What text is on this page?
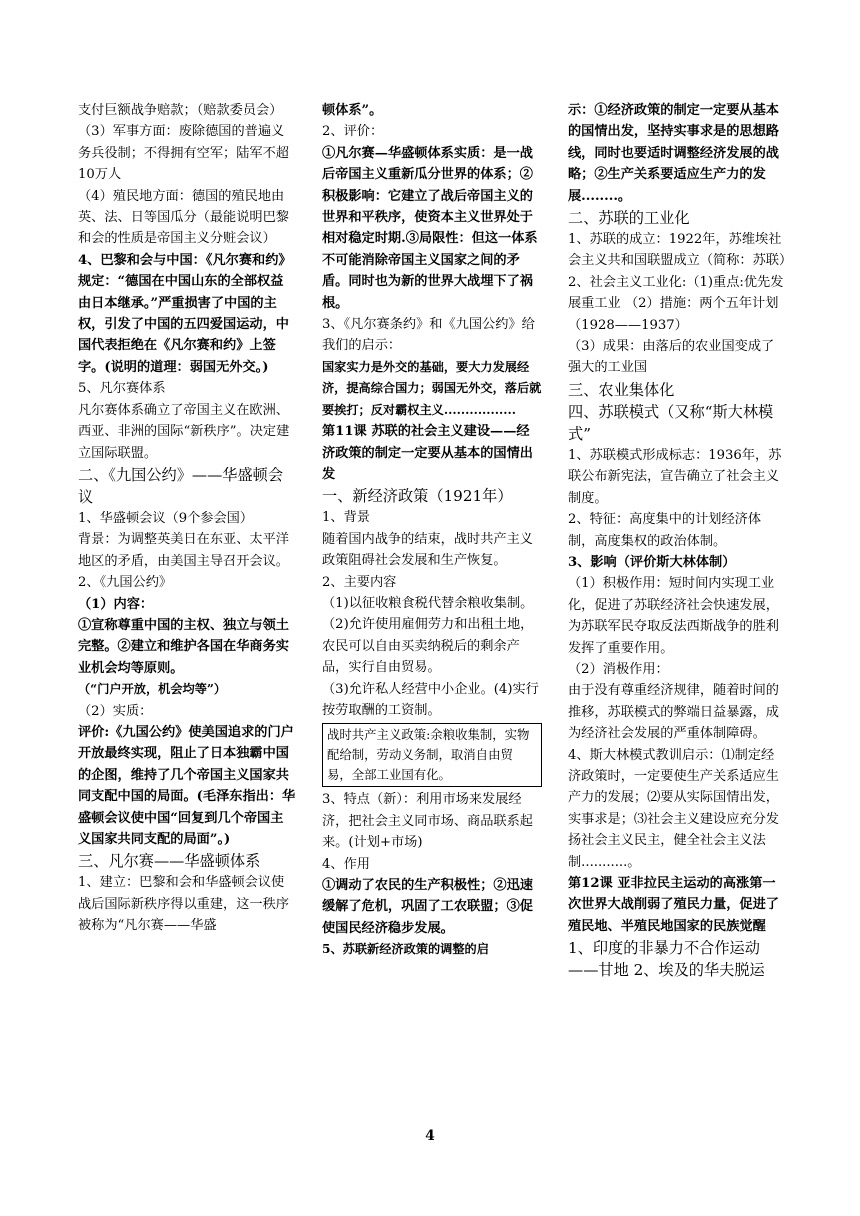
支付巨额战争赔款；（赔款委员会）

（3）军事方面：废除德国的普遍义务兵役制；不得拥有空军；陆军不超10万人

（4）殖民地方面：德国的殖民地由英、法、日等国瓜分（最能说明巴黎和会的性质是帝国主义分赃会议）

4、巴黎和会与中国：《凡尔赛和约》规定：“德国在中国山东的全部权益由日本继承。”严重损害了中国的主权，引发了中国的五四爱国运动，中国代表拒绝在《凡尔赛和约》上签字。(说明的道理：弱国无外交。)

5、凡尔赛体系

凡尔赛体系确立了帝国主义在欧洲、西亚、非洲的国际“新秩序”。决定建立国际联盟。

二、《九国公约》——华盛顿会议

1、华盛顿会议（9个参会国）

背景：为调整英美日在东亚、太平洋地区的矛盾，由美国主导召开会议。

2、《九国公约》

（1）内容：

①宣称尊重中国的主权、独立与领土完整。②建立和维护各国在华商务实业机会均等原则。

（“门户开放，机会均等”）

（2）实质：

评价:《九国公约》使美国追求的门户开放最终实现，阻止了日本独霸中国的企图，维持了几个帝国主义国家共同支配中国的局面。(毛泽东指出：华盛顿会议使中国“回复到几个帝国主义国家共同支配的局面”。)

三、凡尔赛——华盛顿体系

1、建立：巴黎和会和华盛顿会议使战后国际新秩序得以重建，这一秩序被称为“凡尔赛——华盛

顿体系”。

2、评价：

①凡尔赛—华盛顿体系实质：是一战后帝国主义重新瓜分世界的体系；②积极影响：它建立了战后帝国主义的世界和平秩序，使资本主义世界处于相对稳定时期.③局限性：但这一体系不可能消除帝国主义国家之间的矛盾。同时也为新的世界大战埋下了祸根。

3、《凡尔赛条约》和《九国公约》给我们的启示：

国家实力是外交的基础，要大力发展经济，提高综合国力；弱国无外交，落后就要挨打；反对霸权主义.................

第11课 苏联的社会主义建设——经济政策的制定一定要从基本的国情出发

一、新经济政策（1921年）

1、背景

随着国内战争的结束，战时共产主义政策阻碍社会发展和生产恢复。

2、主要内容

（1)以征收粮食税代替余粮收集制。

（2)允许使用雇佣劳力和出租土地，农民可以自由买卖纳税后的剩余产品，实行自由贸易。

（3)允许私人经营中小企业。(4)实行按劳取酬的工资制。

战时共产主义政策:余粮收集制，实物配给制，劳动义务制，取消自由贸易，全部工业国有化。

3、特点（新）：利用市场来发展经济，把社会主义同市场、商品联系起来。(计划+市场)

4、作用

①调动了农民的生产积极性；②迅速缓解了危机，巩固了工农联盟；③促使国民经济稳步发展。

5、苏联新经济政策的调整的启

示：①经济政策的制定一定要从基本的国情出发，坚持实事求是的思想路线，同时也要适时调整经济发展的战略；②生产关系要适应生产力的发展........。

二、苏联的工业化

1、苏联的成立：1922年，苏维埃社会主义共和国联盟成立（简称：苏联）2、社会主义工业化:（1)重点:优先发展重工业 （2）措施：两个五年计划（1928——1937）

（3）成果：由落后的农业国变成了强大的工业国

三、农业集体化

四、苏联模式（又称“斯大林模式”

1、苏联模式形成标志：1936年，苏联公布新宪法，宣告确立了社会主义制度。

2、特征：高度集中的计划经济体制，高度集权的政治体制。

3、影响（评价斯大林体制）

（1）积极作用：短时间内实现工业化，促进了苏联经济社会快速发展，为苏联军民夺取反法西斯战争的胜利发挥了重要作用。

（2）消极作用：

由于没有尊重经济规律，随着时间的推移，苏联模式的弊端日益暴露，成为经济社会发展的严重体制障碍。4、斯大林模式教训启示：⑴制定经济政策时，一定要使生产关系适应生产力的发展；⑵要从实际国情出发，实事求是；⑶社会主义建设应充分发扬社会主义民主，健全社会主义法制...........。

第12课 亚非拉民主运动的高涨第一次世界大战削弱了殖民力量，促进了殖民地、半殖民地国家的民族觉醒

1、印度的非暴力不合作运动——甘地 2、埃及的华夫脱运

4
